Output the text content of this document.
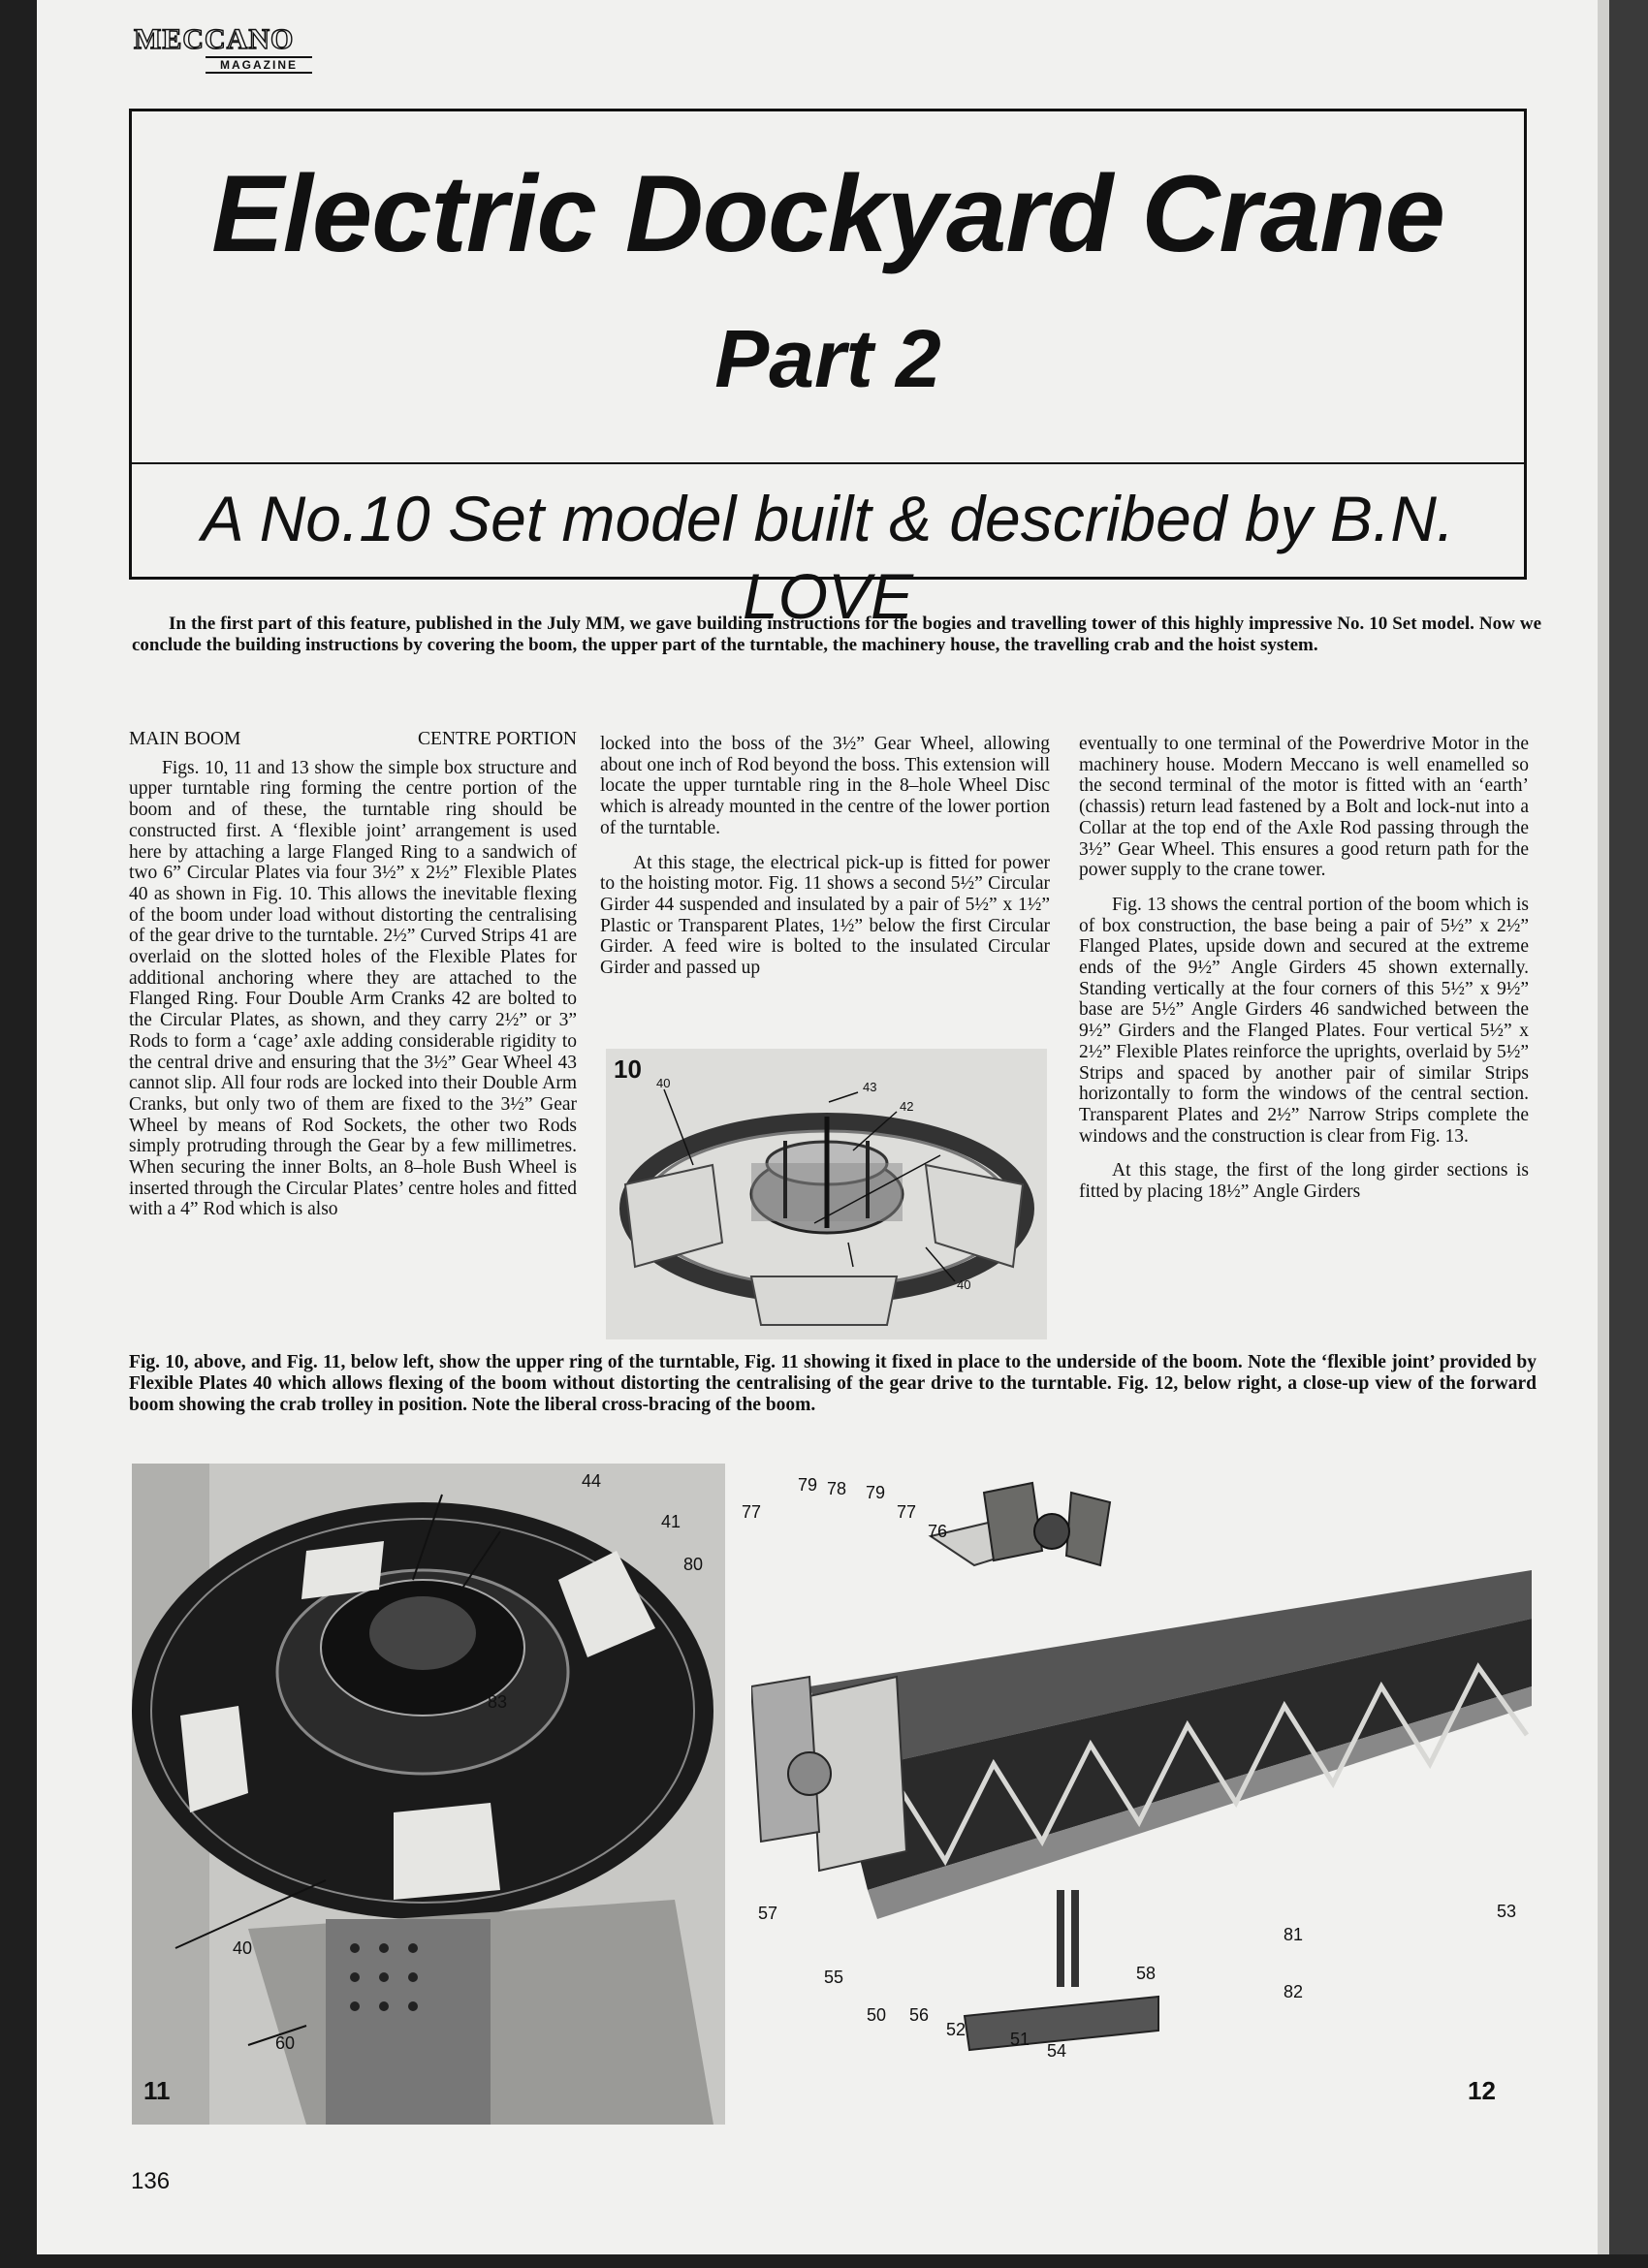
MECCANO
MAGAZINE
Electric Dockyard Crane
Part 2
A No.10 Set model built & described by B.N. LOVE
In the first part of this feature, published in the July MM, we gave building instructions for the bogies and travelling tower of this highly impressive No. 10 Set model. Now we conclude the building instructions by covering the boom, the upper part of the turntable, the machinery house, the travelling crab and the hoist system.
MAIN BOOM	CENTRE PORTION

Figs. 10, 11 and 13 show the simple box structure and upper turntable ring forming the centre portion of the boom and of these, the turntable ring should be constructed first. A ‘flexible joint’ arrangement is used here by attaching a large Flanged Ring to a sandwich of two 6” Circular Plates via four 3½” x 2½” Flexible Plates 40 as shown in Fig. 10. This allows the inevitable flexing of the boom under load without distorting the centralising of the gear drive to the turntable. 2½” Curved Strips 41 are overlaid on the slotted holes of the Flexible Plates for additional anchoring where they are attached to the Flanged Ring. Four Double Arm Cranks 42 are bolted to the Circular Plates, as shown, and they carry 2½” or 3” Rods to form a ‘cage’ axle adding considerable rigidity to the central drive and ensuring that the 3½” Gear Wheel 43 cannot slip. All four rods are locked into their Double Arm Cranks, but only two of them are fixed to the 3½” Gear Wheel by means of Rod Sockets, the other two Rods simply protruding through the Gear by a few millimetres. When securing the inner Bolts, an 8–hole Bush Wheel is inserted through the Circular Plates’ centre holes and fitted with a 4” Rod which is also

locked into the boss of the 3½” Gear Wheel, allowing about one inch of Rod beyond the boss. This extension will locate the upper turntable ring in the 8–hole Wheel Disc which is already mounted in the centre of the lower portion of the turntable.

At this stage, the electrical pick-up is fitted for power to the hoisting motor. Fig. 11 shows a second 5½” Circular Girder 44 suspended and insulated by a pair of 5½” x 1½” Plastic or Transparent Plates, 1½” below the first Circular Girder. A feed wire is bolted to the insulated Circular Girder and passed up

10 40	43
42
40

eventually to one terminal of the Powerdrive Motor in the machinery house. Modern Meccano is well enamelled so the second terminal of the motor is fitted with an ‘earth’ (chassis) return lead fastened by a Bolt and lock-nut into a Collar at the top end of the Axle Rod passing through the 3½” Gear Wheel. This ensures a good return path for the power supply to the crane tower.

Fig. 13 shows the central portion of the boom which is of box construction, the base being a pair of 5½” x 2½” Flanged Plates, upside down and secured at the extreme ends of the 9½” Angle Girders 45 shown externally. Standing vertically at the four corners of this 5½” x 9½” base are 5½” Angle Girders 46 sandwiched between the 9½” Girders and the Flanged Plates. Four vertical 5½” x 2½” Flexible Plates reinforce the uprights, overlaid by 5½” Strips and spaced by another pair of similar Strips horizontally to form the windows of the central section. Transparent Plates and 2½” Narrow Strips complete the windows and the construction is clear from Fig. 13.

At this stage, the first of the long girder sections is fitted by placing 18½” Angle Girders

Fig. 10, above, and Fig. 11, below left, show the upper ring of the turntable, Fig. 11 showing it fixed in place to the underside of the boom. Note the ‘flexible joint’ provided by Flexible Plates 40 which allows flexing of the boom without distorting the centralising of the gear drive to the turntable. Fig. 12, below right, a close-up view of the forward boom showing the crab trolley in position. Note the liberal cross-bracing of the boom.
44
41
40
60
11
79 78 79
77	77
76
80
83
57
55
50 56
52	51
54
58
81
82
53
12
136
